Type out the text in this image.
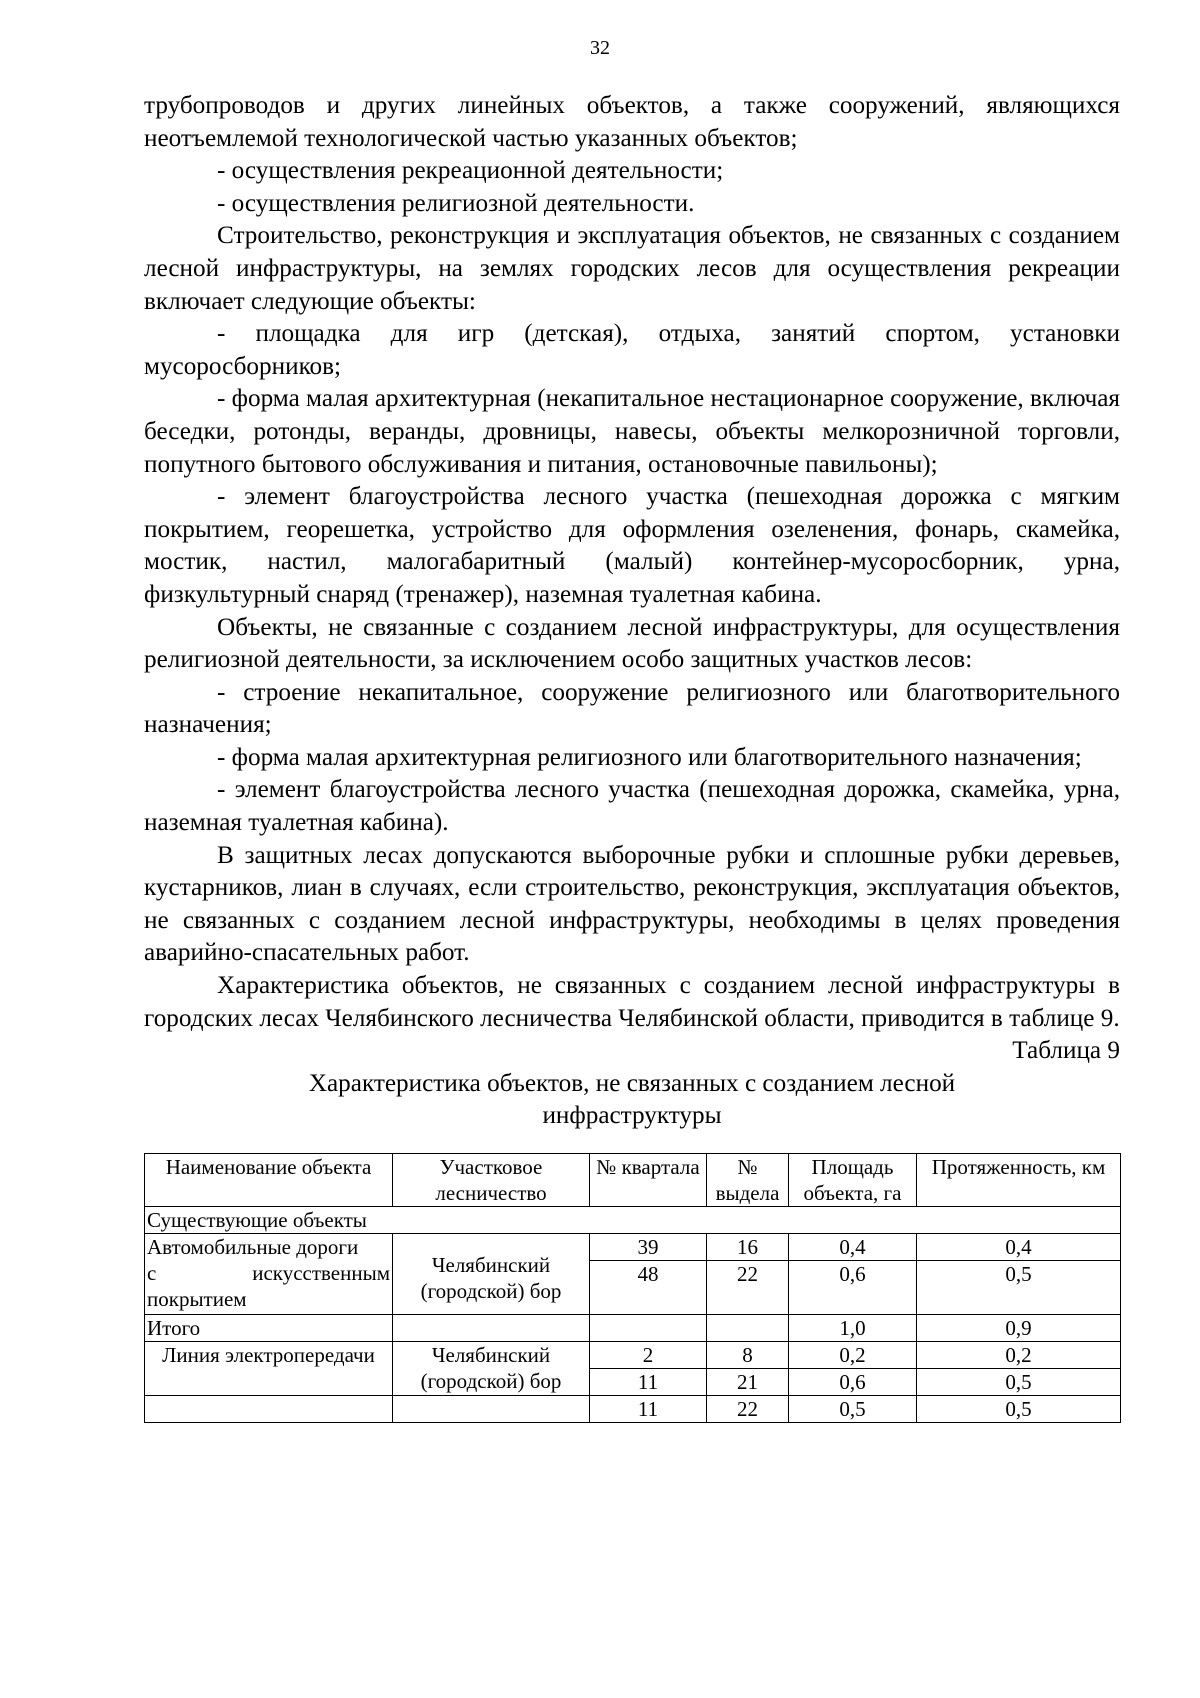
32

трубопроводов и других линейных объектов, а также сооружений, являющихся неотъемлемой технологической частью указанных объектов;

- осуществления рекреационной деятельности;

- осуществления религиозной деятельности.

Строительство, реконструкция и эксплуатация объектов, не связанных с созданием лесной инфраструктуры, на землях городских лесов для осуществления рекреации включает следующие объекты:

- площадка для игр (детская), отдыха, занятий спортом, установки мусоросборников;

- форма малая архитектурная (некапитальное нестационарное сооружение, включая беседки, ротонды, веранды, дровницы, навесы, объекты мелкорозничной торговли, попутного бытового обслуживания и питания, остановочные павильоны);

- элемент благоустройства лесного участка (пешеходная дорожка с мягким покрытием, георешетка, устройство для оформления озеленения, фонарь, скамейка, мостик, настил, малогабаритный (малый) контейнер-мусоросборник, урна, физкультурный снаряд (тренажер), наземная туалетная кабина.

Объекты, не связанные с созданием лесной инфраструктуры, для осуществления религиозной деятельности, за исключением особо защитных участков лесов:

- строение некапитальное, сооружение религиозного или благотворительного назначения;

- форма малая архитектурная религиозного или благотворительного назначения;

- элемент благоустройства лесного участка (пешеходная дорожка, скамейка, урна, наземная туалетная кабина).

В защитных лесах допускаются выборочные рубки и сплошные рубки деревьев, кустарников, лиан в случаях, если строительство, реконструкция, эксплуатация объектов, не связанных с созданием лесной инфраструктуры, необходимы в целях проведения аварийно-спасательных работ.

Характеристика объектов, не связанных с созданием лесной инфраструктуры в городских лесах Челябинского лесничества Челябинской области, приводится в таблице 9.

Таблица 9

Характеристика объектов, не связанных с созданием лесной

инфраструктуры

Наименование объекта	Участковое лесничество	№ квартала	№ выдела	Площадь объекта, га	Протяженность, км
Существующие объекты					

Автомобильные дороги
с искусственным
покрытием	Челябинский (городской) бор	39	16	0,4	0,4
		48	22	0,6	0,5
Итого				1,0	0,9
Линия электропередачи	Челябинский (городской) бор	2	8	0,2	0,2
		11	21	0,6	0,5
		11	22	0,5	0,5
